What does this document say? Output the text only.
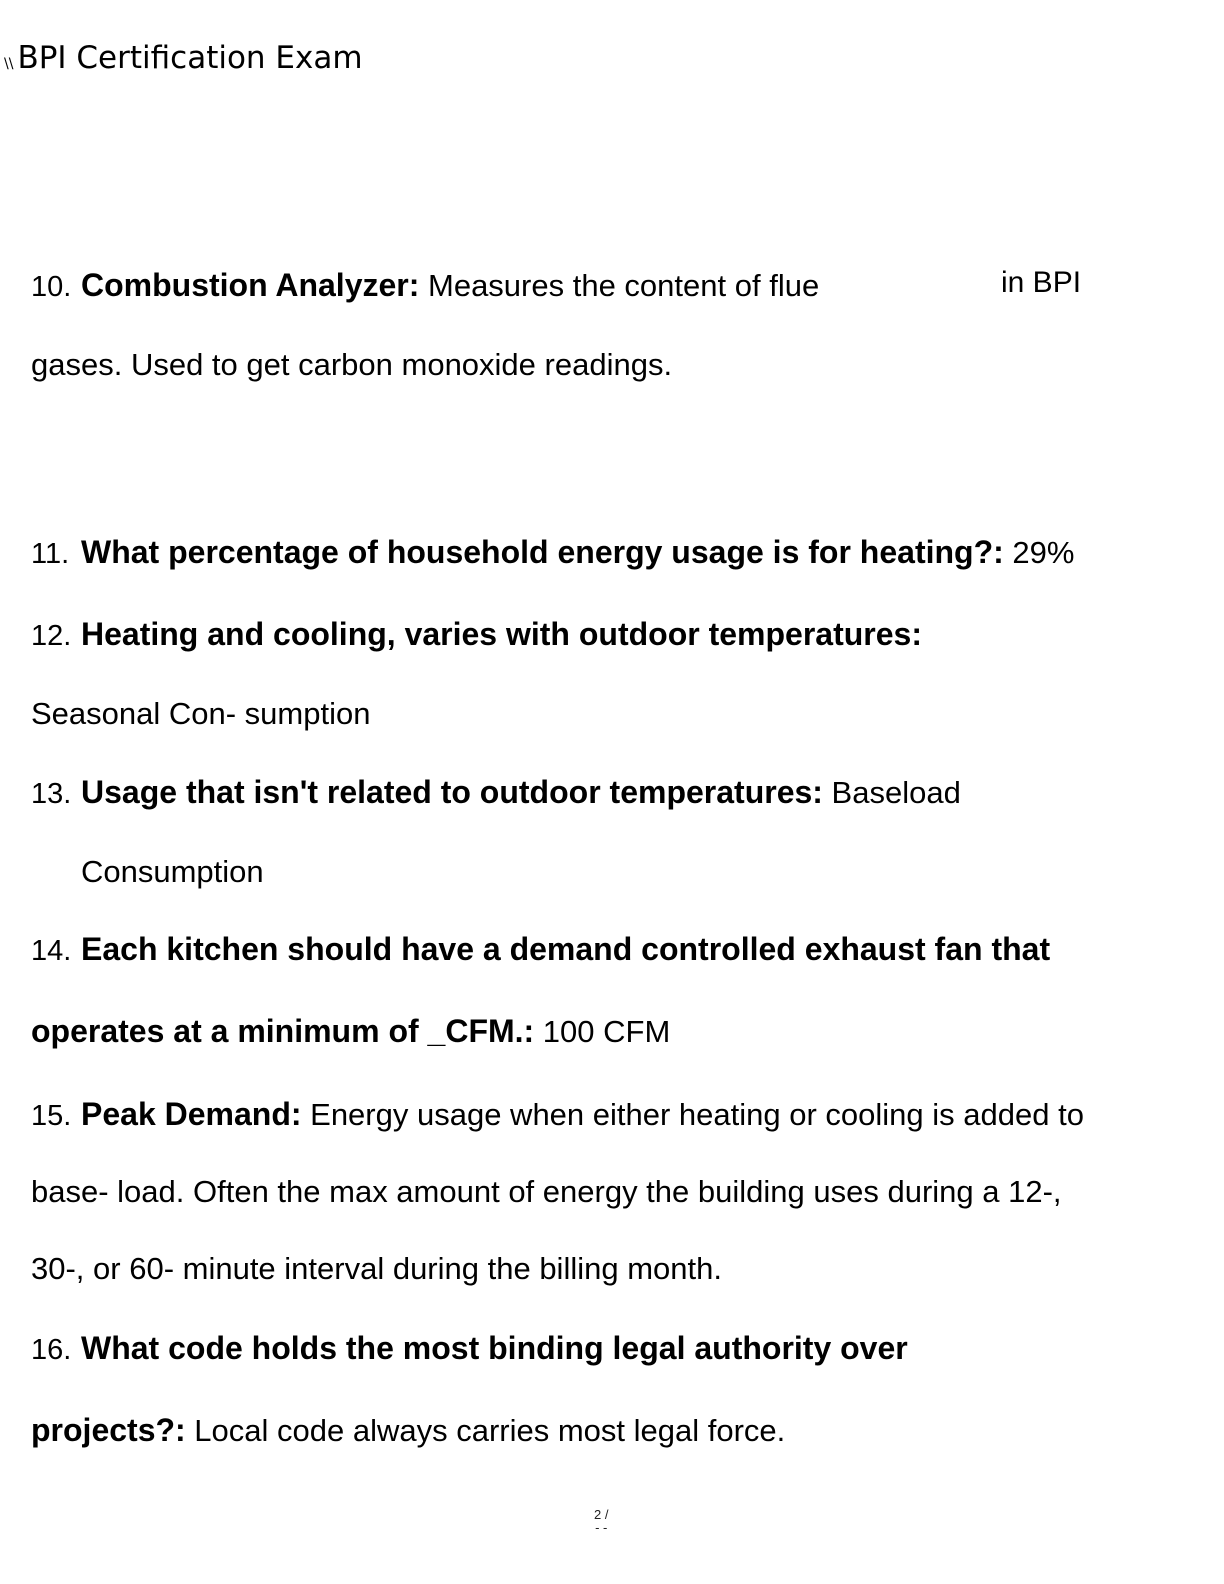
\\ BPI Certification Exam
in BPI
10. Combustion Analyzer: Measures the content of flue
gases. Used to get carbon monoxide readings.
11. What percentage of household energy usage is for heating?: 29%
12. Heating and cooling, varies with outdoor temperatures:
Seasonal Con- sumption
13. Usage that isn't related to outdoor temperatures: Baseload
Consumption
14. Each kitchen should have a demand controlled exhaust fan that
operates at a minimum of _CFM.: 100 CFM
15. Peak Demand: Energy usage when either heating or cooling is added to
base- load. Often the max amount of energy the building uses during a 12-,
30-, or 60- minute interval during the billing month.
16. What code holds the most binding legal authority over
projects?: Local code always carries most legal force.
2 /
- -
